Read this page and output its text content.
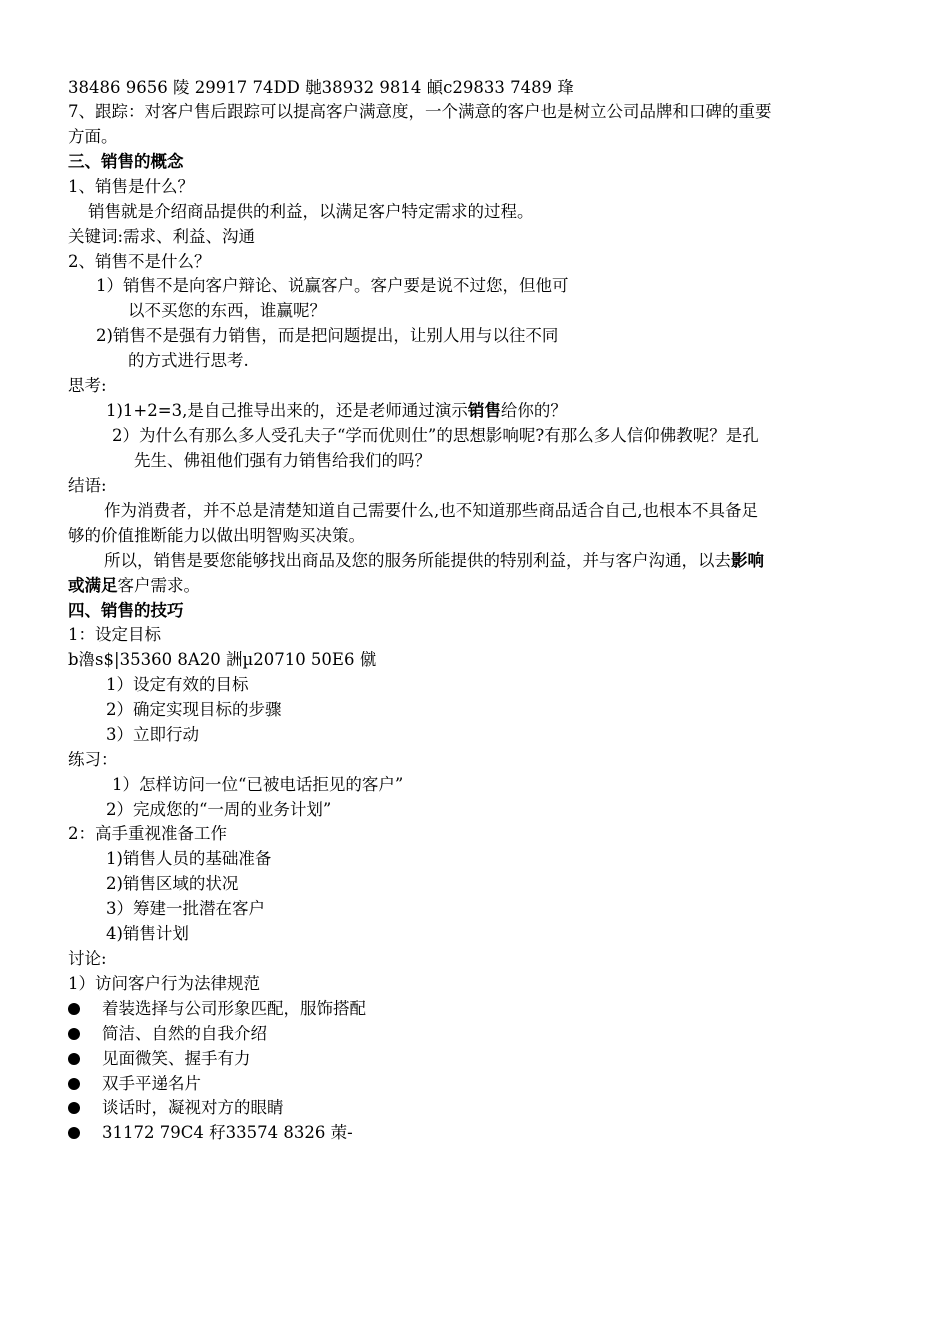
38486 9656 陵 29917 74DD 毑38932 9814 頔c29833 7489 琒
7、跟踪：对客户售后跟踪可以提高客户满意度，一个满意的客户也是树立公司品牌和口碑的重要
方面。
三、销售的概念
1、销售是什么？
销售就是介绍商品提供的利益，以满足客户特定需求的过程。
关键词:需求、利益、沟通
2、销售不是什么？
1）销售不是向客户辩论、说赢客户。客户要是说不过您，但他可
以不买您的东西，谁赢呢？
2)销售不是强有力销售，而是把问题提出，让别人用与以往不同
的方式进行思考.
思考:
1)1+2=3,是自己推导出来的，还是老师通过演示销售给你的？
2）为什么有那么多人受孔夫子“学而优则仕”的思想影响呢?有那么多人信仰佛教呢？是孔
先生、佛祖他们强有力销售给我们的吗？
结语:
作为消费者，并不总是清楚知道自己需要什么,也不知道那些商品适合自己,也根本不具备足
够的价值推断能力以做出明智购买决策。
所以，销售是要您能够找出商品及您的服务所能提供的特别利益，并与客户沟通，以去影响
或满足客户需求。
四、销售的技巧
1：设定目标
b瀂s$|35360 8A20 詶µ20710 50E6 僦
1）设定有效的目标
2）确定实现目标的步骤
3）立即行动
练习：
1）怎样访问一位“已被电话拒见的客户”
2）完成您的“一周的业务计划”
2：高手重视准备工作
1)销售人员的基础准备
2)销售区域的状况
3）筹建一批潜在客户
4)销售计划
讨论:
1）访问客户行为法律规范
着装选择与公司形象匹配，服饰搭配
简洁、自然的自我介绍
见面微笑、握手有力
双手平递名片
谈话时，凝视对方的眼睛
31172 79C4 秄33574 8326 茦-
